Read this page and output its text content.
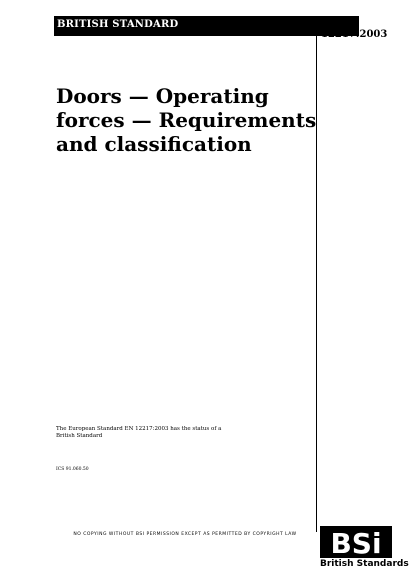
BRITISH STANDARD	BS EN
12217:2003
Doors — Operating
forces — Requirements
and classification
The European Standard EN 12217:2003 has the status of a
British Standard
ICS 91.060.50
NO COPYING WITHOUT BSI PERMISSION EXCEPT AS PERMITTED BY COPYRIGHT LAW	BSi
British Standards
